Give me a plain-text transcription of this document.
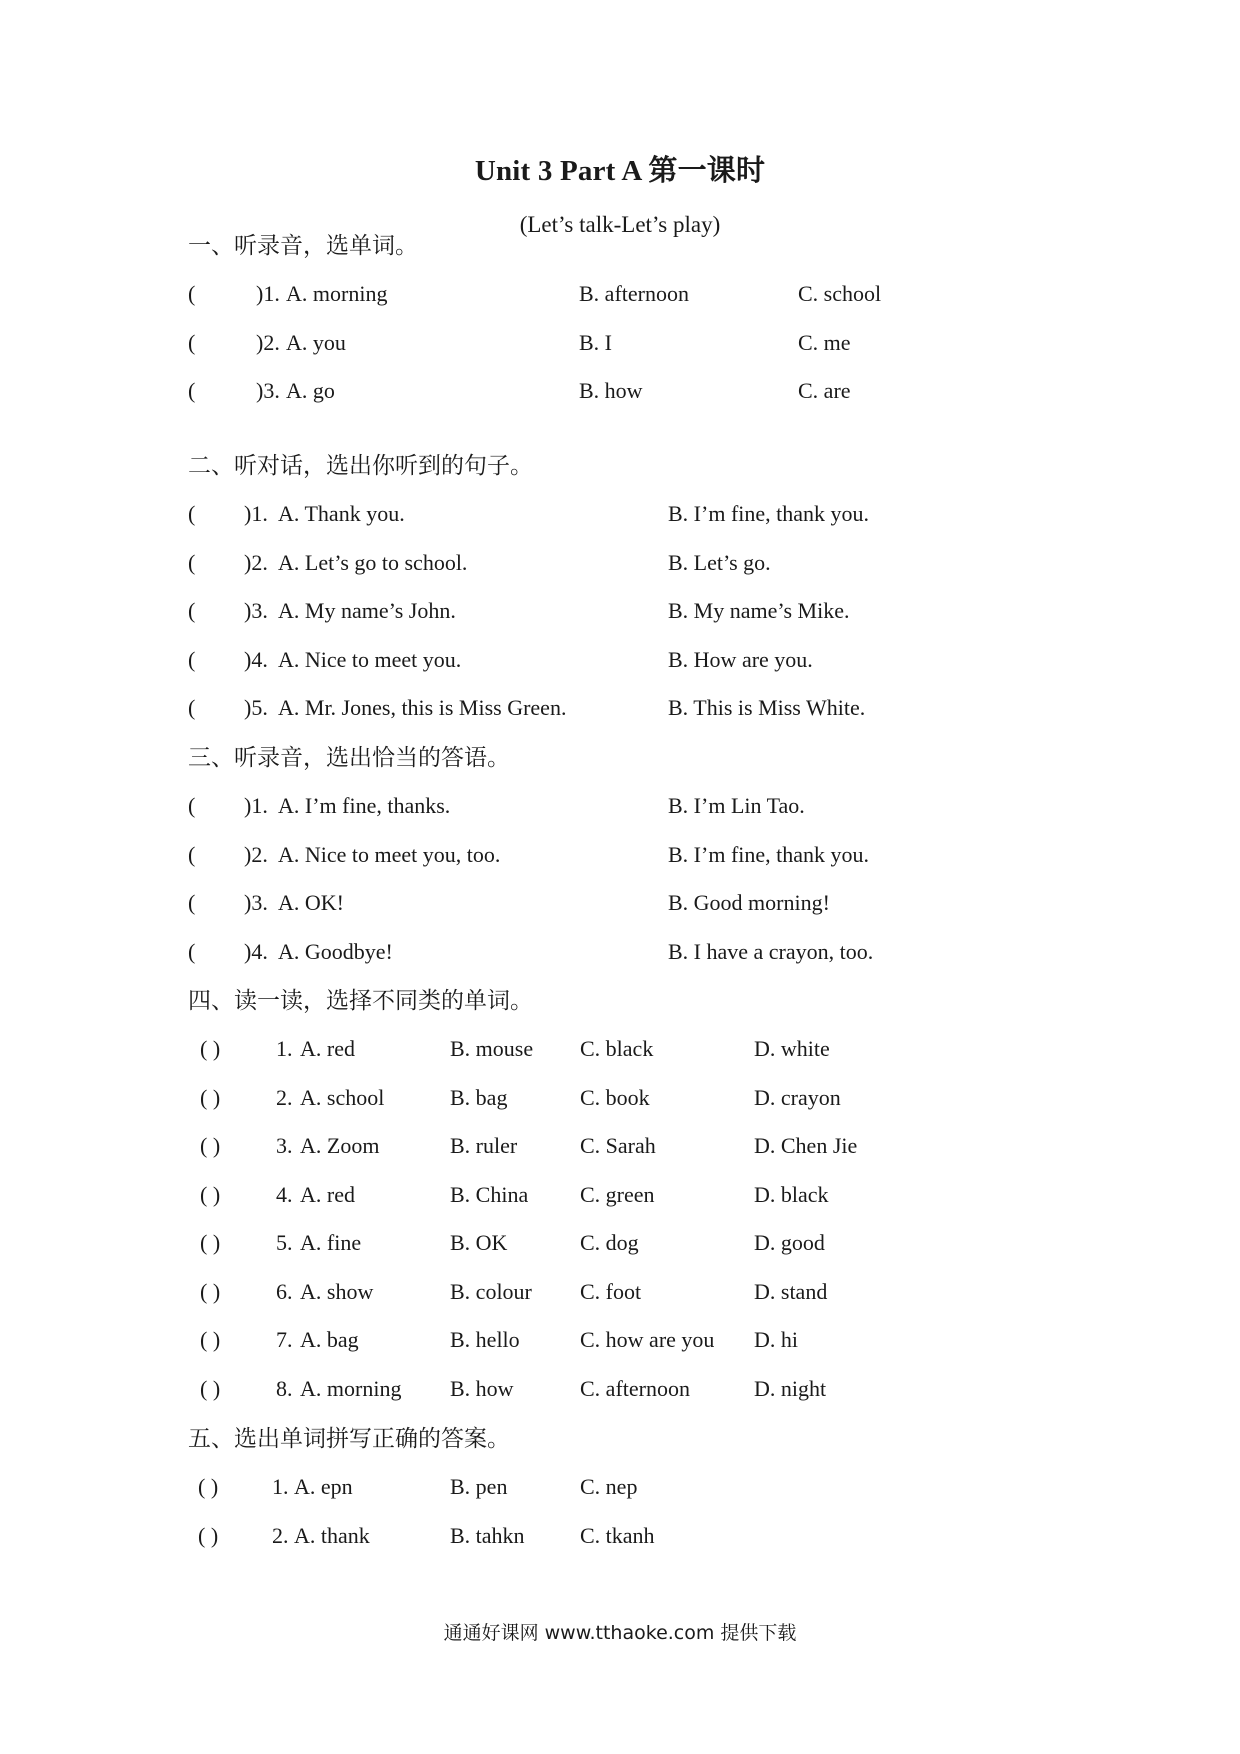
Unit 3 Part A 第一课时
(Let’s talk-Let’s play)
一、听录音，选单词。
(	)1. A. morning	B. afternoon	C. school
(	)2. A. you	B. I	C. me
(	)3. A. go	B. how	C. are
二、听对话，选出你听到的句子。
( )1. A. Thank you.	B. I’m fine, thank you.
( )2. A. Let’s go to school.	B. Let’s go.
( )3. A. My name’s John.	B. My name’s Mike.
( )4. A. Nice to meet you.	B. How are you.
( )5. A. Mr. Jones, this is Miss Green.	B. This is Miss White.
三、听录音，选出恰当的答语。
( )1. A. I’m fine, thanks.	B. I’m Lin Tao.
( )2. A. Nice to meet you, too.	B. I’m fine, thank you.
( )3. A. OK!	B. Good morning!
( )4. A. Goodbye!	B. I have a crayon, too.
四、读一读，选择不同类的单词。
( )	1. A. red	B. mouse C. black	D. white
( )	2. A. school	B. bag	C. book	D. crayon
( )	3. A. Zoom	B. ruler	C. Sarah	D. Chen Jie
( )	4. A. red	B. China C. green	D. black
( )	5. A. fine	B. OK	C. dog	D. good
( )	6. A. show	B. colour C. foot	D. stand
( )	7. A. bag	B. hello	C. how are you D. hi
( )	8. A. morning B. how	C. afternoon	D. night
五、选出单词拼写正确的答案。
( ) 1. A. epn	B. pen	C. nep
( ) 2. A. thank	B. tahkn	C. tkanh
通通好课网 www.tthaoke.com 提供下载
